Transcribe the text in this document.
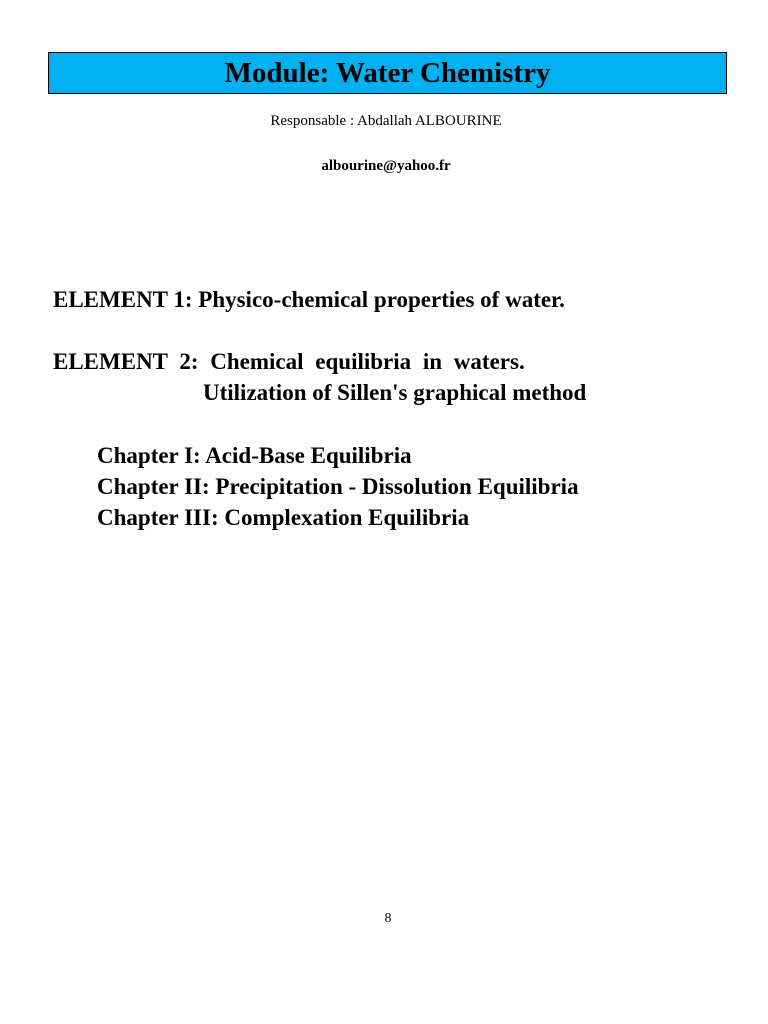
Module: Water Chemistry
Responsable : Abdallah ALBOURINE
albourine@yahoo.fr
ELEMENT 1: Physico-chemical properties of water.
ELEMENT 2: Chemical equilibria in waters.
Utilization of Sillen's graphical method
Chapter I: Acid-Base Equilibria
Chapter II: Precipitation - Dissolution Equilibria
Chapter III: Complexation Equilibria
8
